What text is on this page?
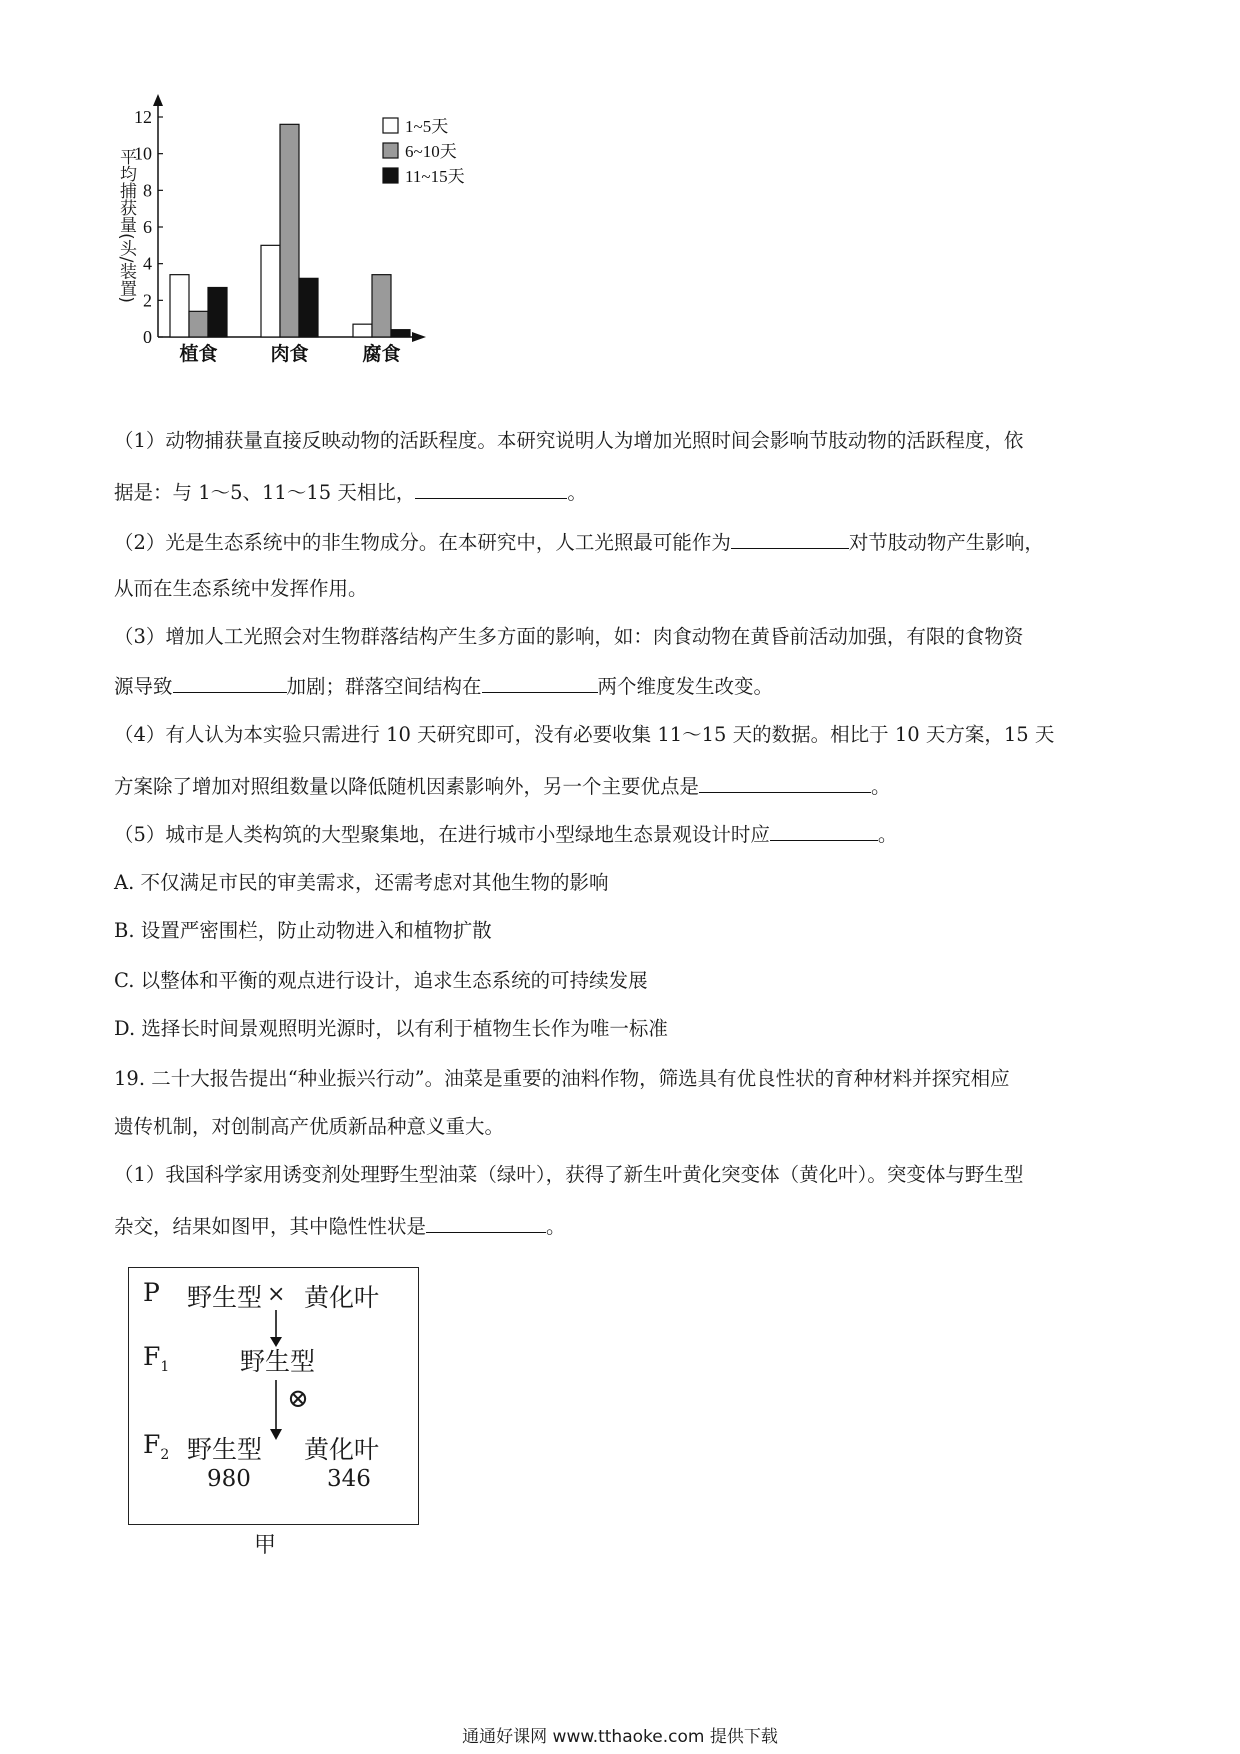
0
2
4
6
8
10
12
植食	肉食	腐食
1~5天
6~10天
11~15天
平均捕获量(头/装置)
（1）动物捕获量直接反映动物的活跃程度。本研究说明人为增加光照时间会影响节肢动物的活跃程度，依
据是：与 1～5、11～15 天相比，	。
（2）光是生态系统中的非生物成分。在本研究中，人工光照最可能作为	对节肢动物产生影响，
从而在生态系统中发挥作用。
（3）增加人工光照会对生物群落结构产生多方面的影响，如：肉食动物在黄昏前活动加强，有限的食物资
源导致	加剧；群落空间结构在	两个维度发生改变。
（4）有人认为本实验只需进行 10 天研究即可，没有必要收集 11～15 天的数据。相比于 10 天方案，15 天
方案除了增加对照组数量以降低随机因素影响外，另一个主要优点是	。
（5）城市是人类构筑的大型聚集地，在进行城市小型绿地生态景观设计时应	。
A. 不仅满足市民的审美需求，还需考虑对其他生物的影响
B. 设置严密围栏，防止动物进入和植物扩散
C. 以整体和平衡的观点进行设计，追求生态系统的可持续发展
D. 选择长时间景观照明光源时，以有利于植物生长作为唯一标准
19. 二十大报告提出“种业振兴行动”。油菜是重要的油料作物，筛选具有优良性状的育种材料并探究相应
遗传机制，对创制高产优质新品种意义重大。
（1）我国科学家用诱变剂处理野生型油菜（绿叶），获得了新生叶黄化突变体（黄化叶）。突变体与野生型
杂交，结果如图甲，其中隐性性状是	。
P 野生型 × 黄化叶
$F_1$	野生型
⊗
$F_2$ 野生型 黄化叶
980	346
甲
通通好课网 www.tthaoke.com 提供下载
